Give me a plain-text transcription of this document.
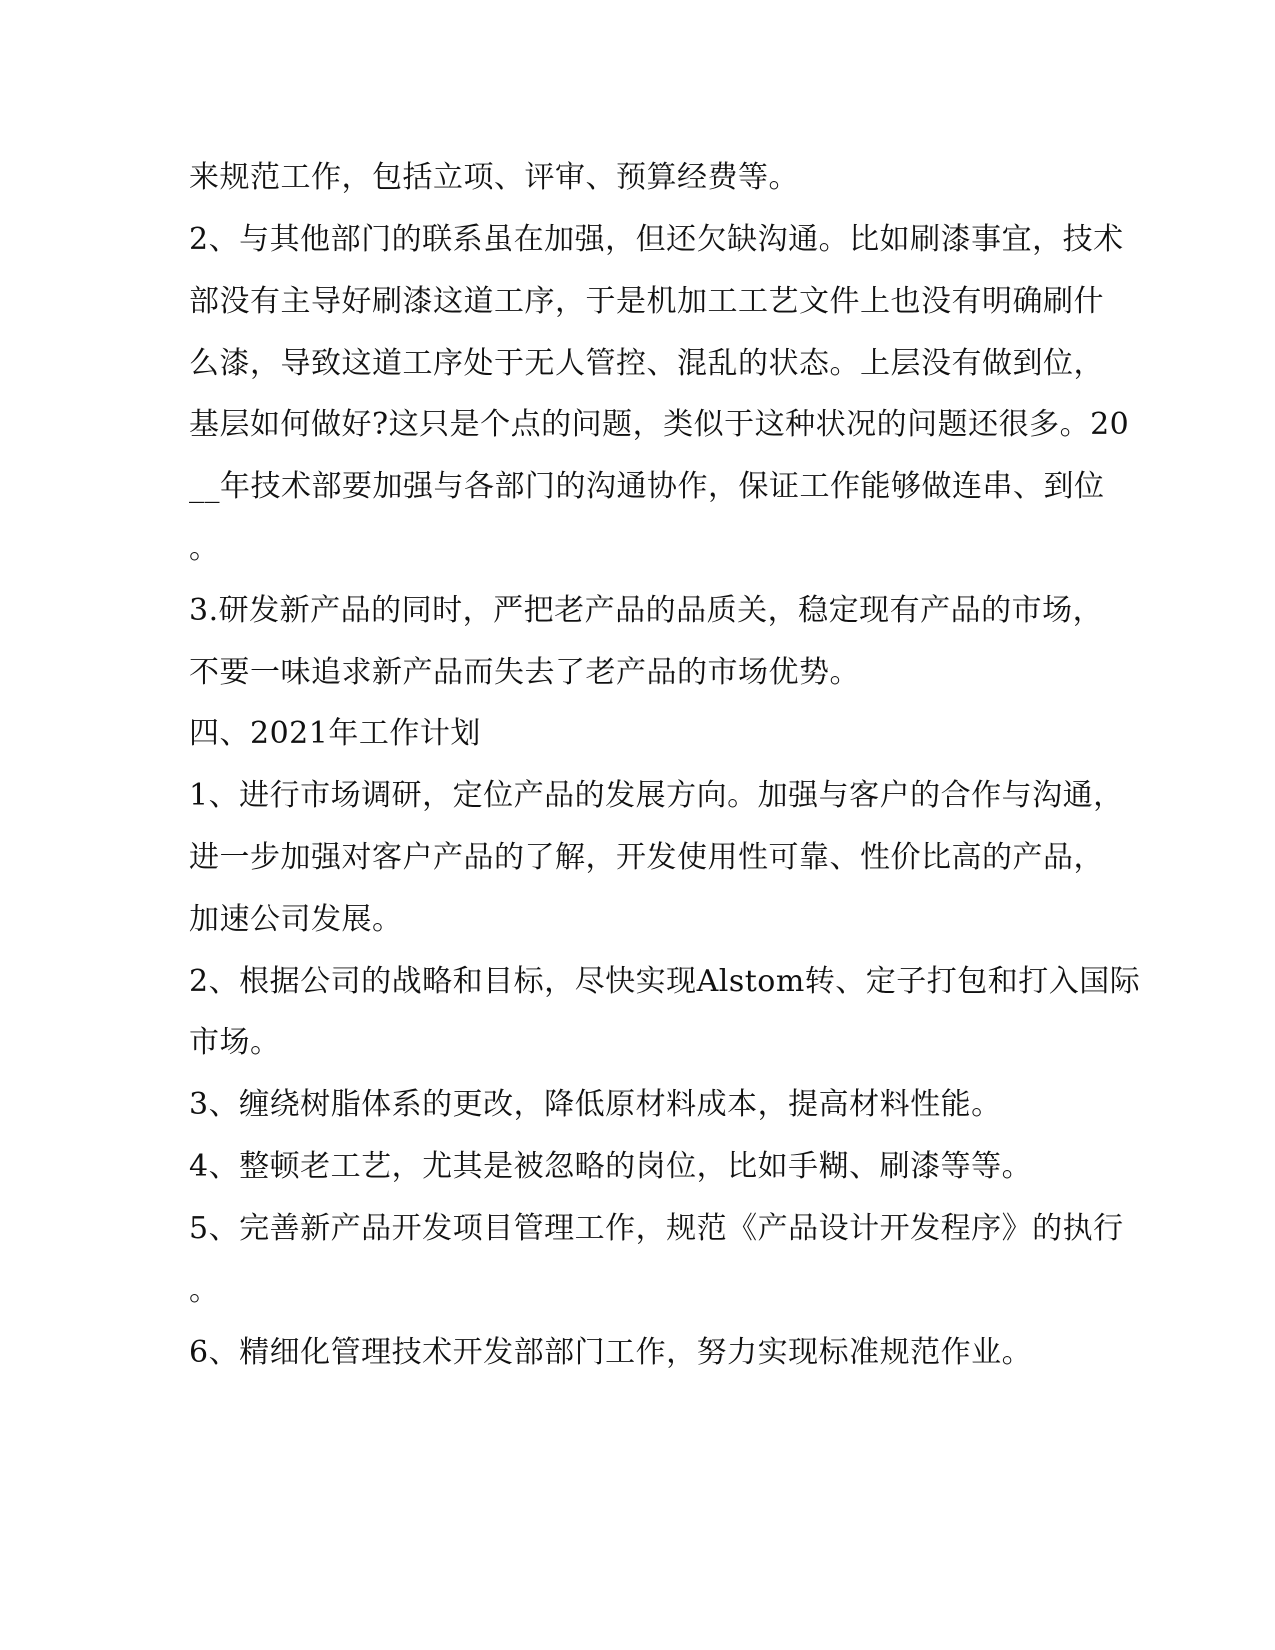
来规范工作，包括立项、评审、预算经费等。
2、与其他部门的联系虽在加强，但还欠缺沟通。比如刷漆事宜，技术
部没有主导好刷漆这道工序，于是机加工工艺文件上也没有明确刷什
么漆，导致这道工序处于无人管控、混乱的状态。上层没有做到位，
基层如何做好?这只是个点的问题，类似于这种状况的问题还很多。20
__年技术部要加强与各部门的沟通协作，保证工作能够做连串、到位
。
3.研发新产品的同时，严把老产品的品质关，稳定现有产品的市场，
不要一味追求新产品而失去了老产品的市场优势。
四、2021年工作计划
1、进行市场调研，定位产品的发展方向。加强与客户的合作与沟通，
进一步加强对客户产品的了解，开发使用性可靠、性价比高的产品，
加速公司发展。
2、根据公司的战略和目标，尽快实现Alstom转、定子打包和打入国际
市场。
3、缠绕树脂体系的更改，降低原材料成本，提高材料性能。
4、整顿老工艺，尤其是被忽略的岗位，比如手糊、刷漆等等。
5、完善新产品开发项目管理工作，规范《产品设计开发程序》的执行
。
6、精细化管理技术开发部部门工作，努力实现标准规范作业。
